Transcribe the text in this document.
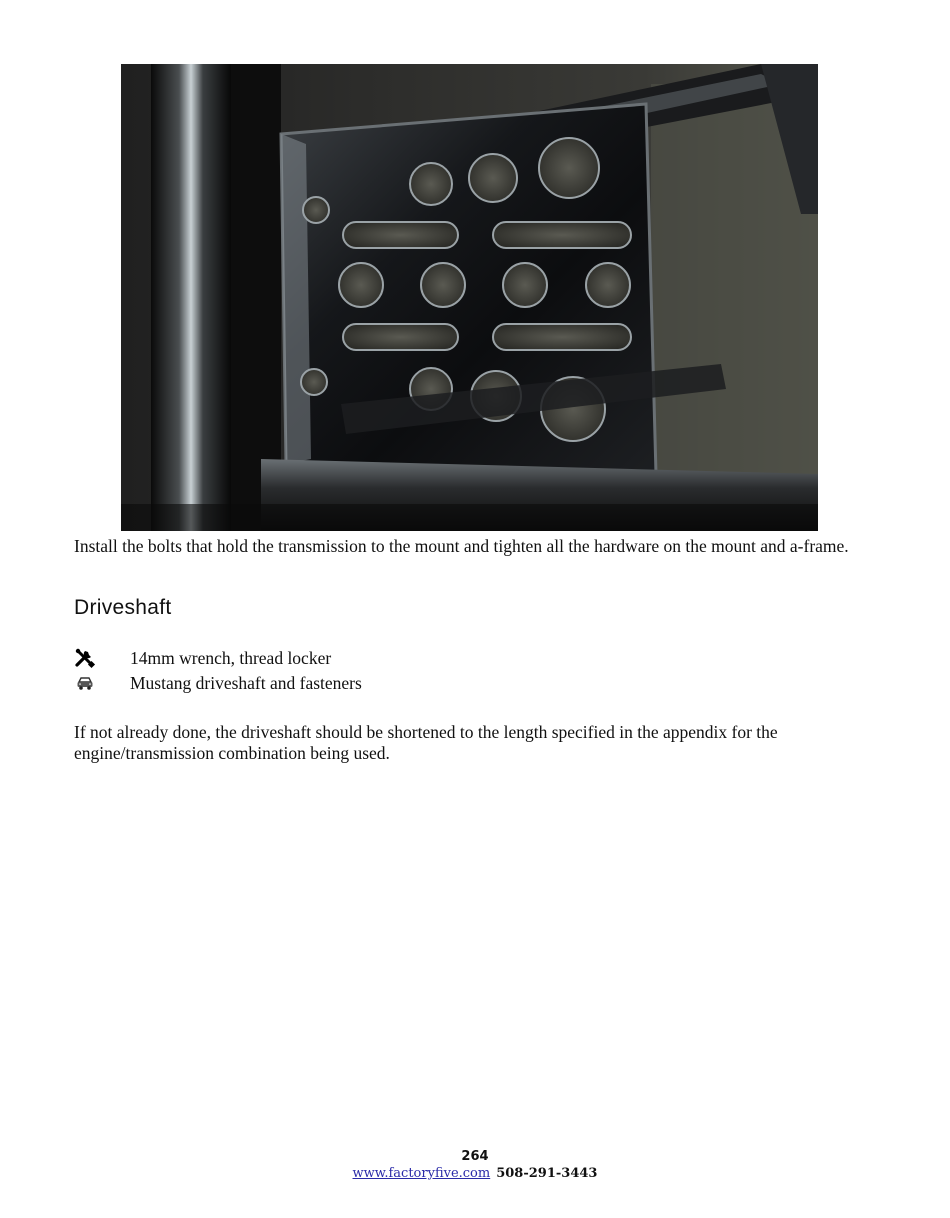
Install the bolts that hold the transmission to the mount and tighten all the hardware on the mount and a-frame.

Driveshaft
14mm wrench, thread locker
Mustang driveshaft and fasteners

If not already done, the driveshaft should be shortened to the length specified in the appendix for the engine/transmission combination being used.

264
www.factoryfive.com 508-291-3443
